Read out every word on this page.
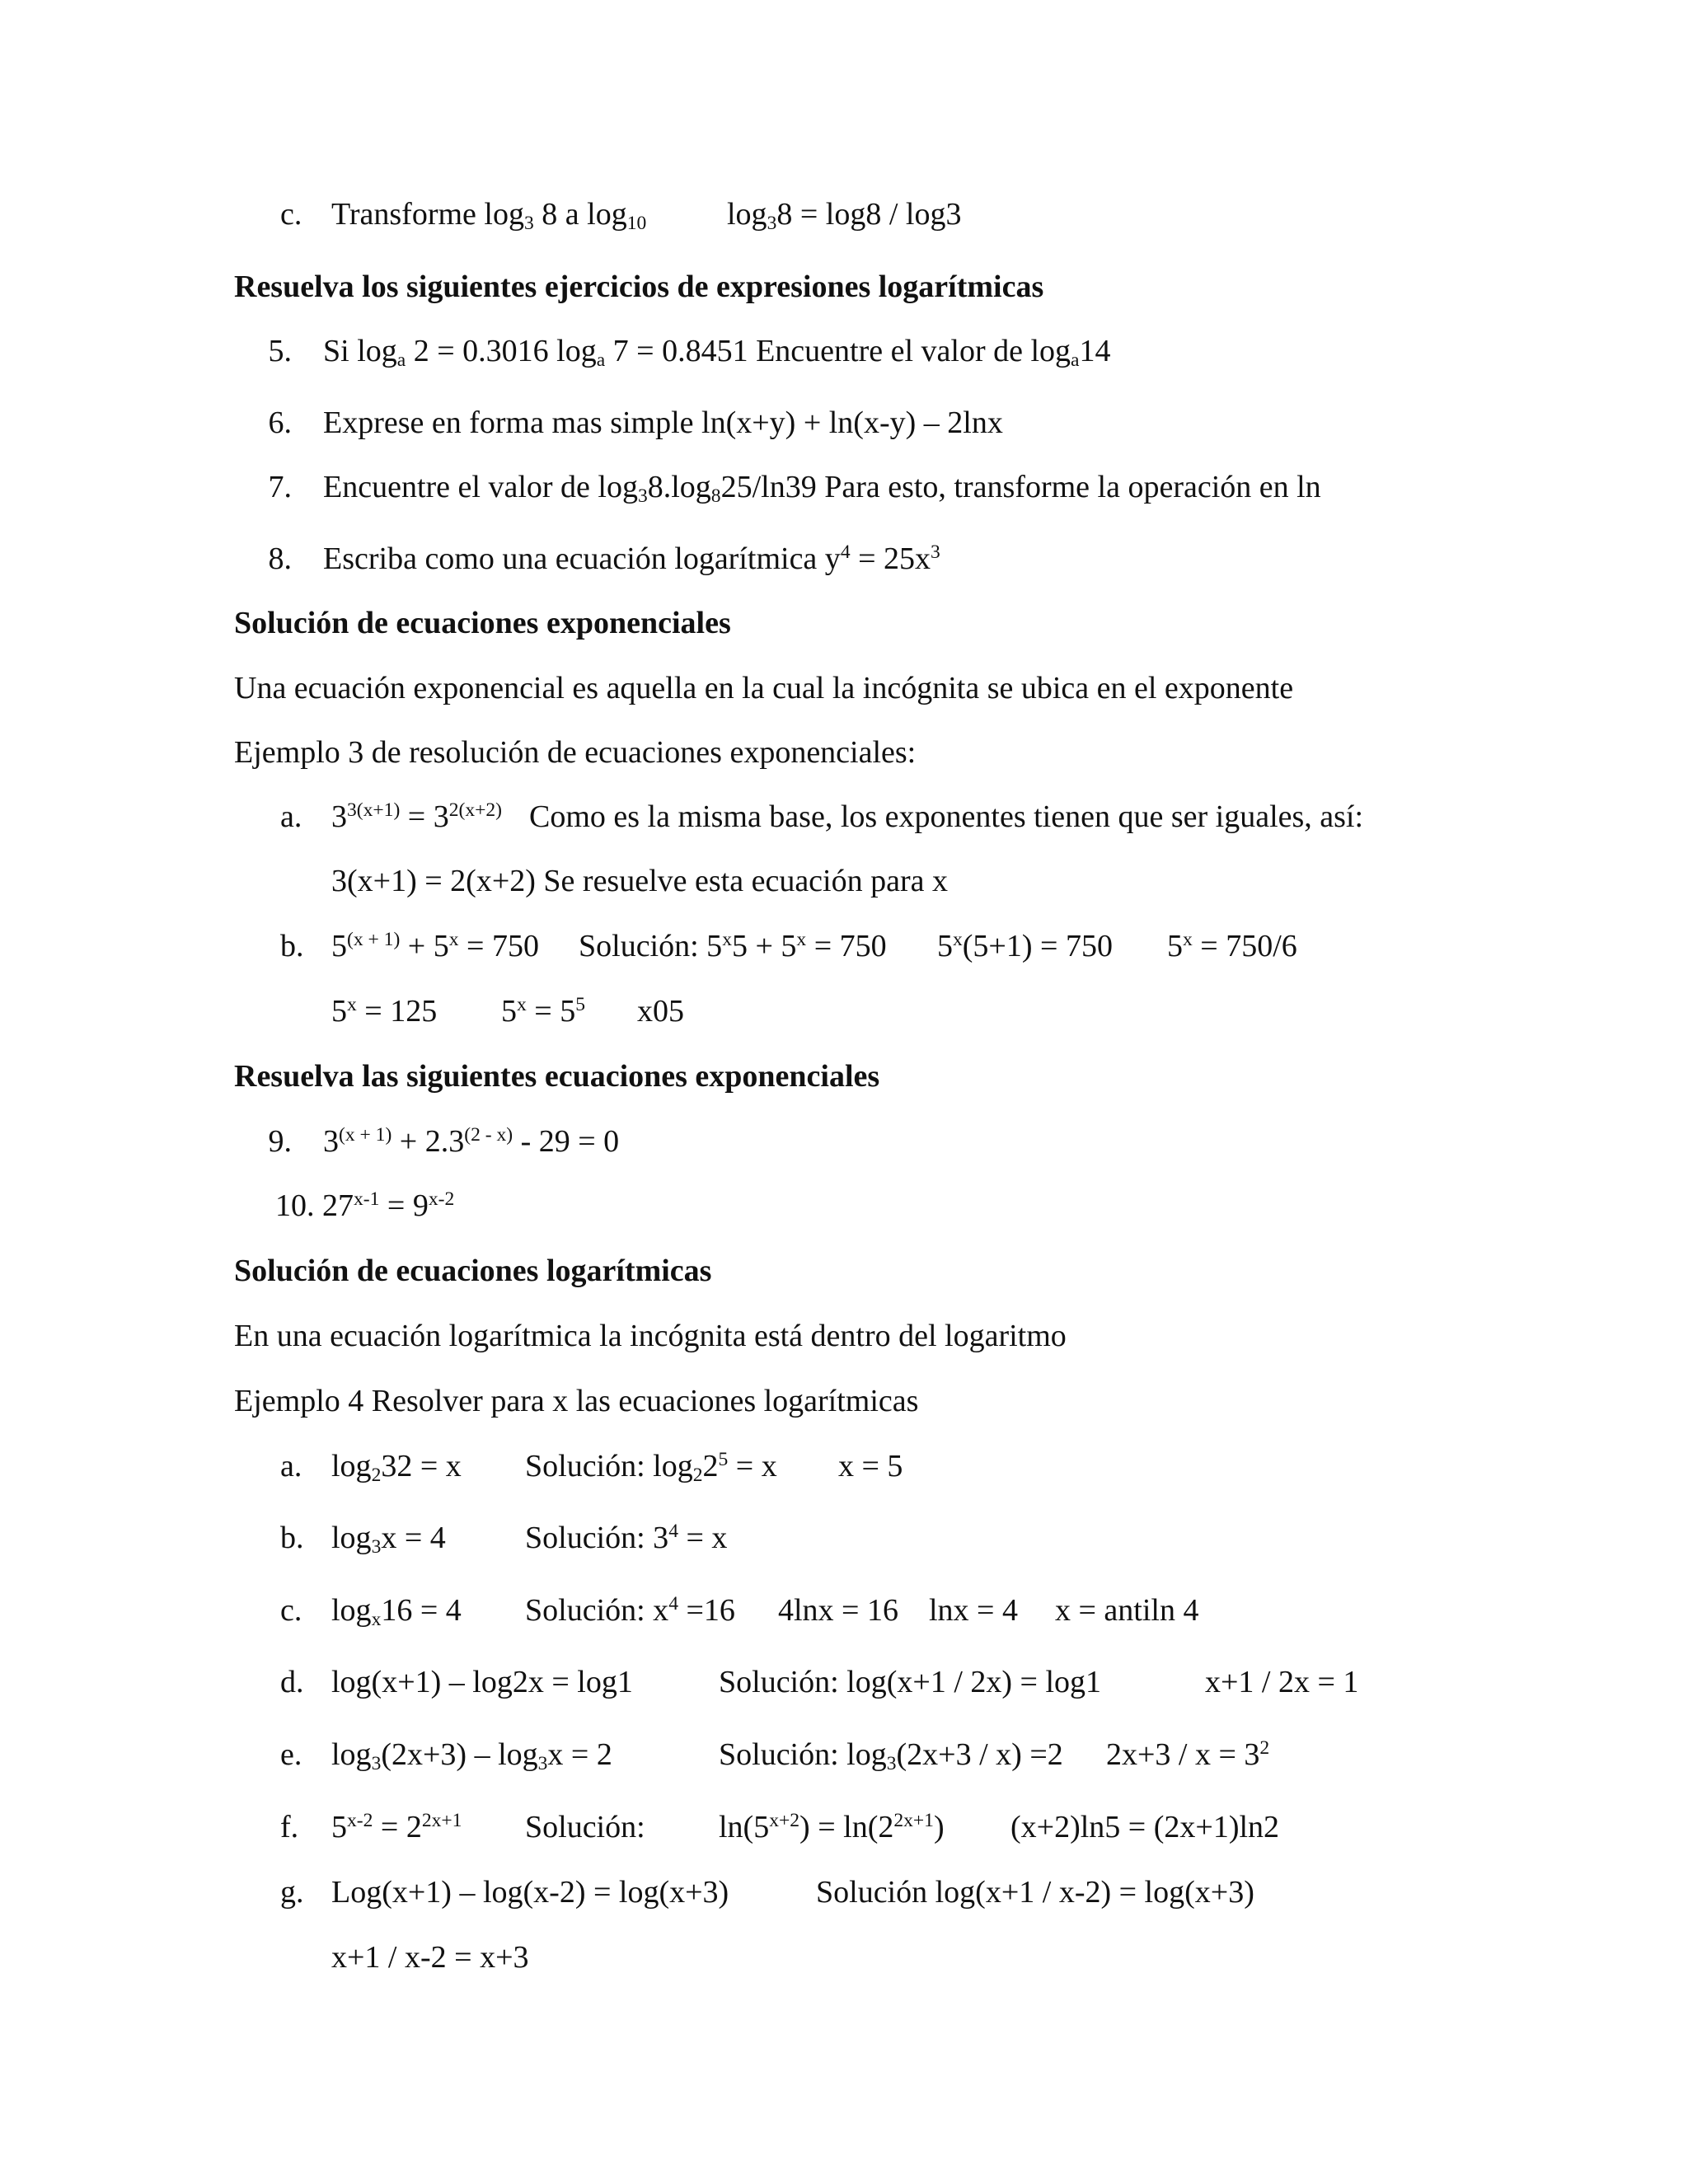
c. Transforme $\log_3 8$ a $\log_{10}$	$\log_38 = \log 8 / \log 3$
Resuelva los siguientes ejercicios de expresiones logarítmicas
5. Si $\log_a 2 = 0.3016$ $\log_a 7 = 0.8451$ Encuentre el valor de $\log_a14$
6. Exprese en forma mas simple ln(x+y) + ln(x-y) – 2lnx
7. Encuentre el valor de $\log_38.\log_825/\ln 39$ Para esto, transforme la operación en ln
8. Escriba como una ecuación logarítmica $y^4 = 25x^3$
Solución de ecuaciones exponenciales
Una ecuación exponencial es aquella en la cual la incógnita se ubica en el exponente
Ejemplo 3 de resolución de ecuaciones exponenciales:
a. $3^{3(x+1)} = 3^{2(x+2)}$ Como es la misma base, los exponentes tienen que ser iguales, así:
3(x+1) = 2(x+2) Se resuelve esta ecuación para x
b. $5^{(x + 1)} + 5^x = 750$ Solución: $5^x5 + 5^x = 750$ $5^x(5+1) = 750$ $5^x = 750/6$
$5^x = 125$ $5^x = 5^5$ x05
Resuelva las siguientes ecuaciones exponenciales
9. $3^{(x + 1)} + 2.3^{(2 - x)} - 29 = 0$
10. $27^{x-1} = 9^{x-2}$
Solución de ecuaciones logarítmicas
En una ecuación logarítmica la incógnita está dentro del logaritmo
Ejemplo 4 Resolver para x las ecuaciones logarítmicas
a. $\log_232 = x$ Solución: $\log_22^5 = x$ x = 5
b. $\log_3x = 4$	Solución: $3^4 = x$
c. $\log_x16 = 4$ Solución: $x^4 =16$ 4lnx = 16 lnx = 4 x = antiln 4
d. log(x+1) – log2x = log1	Solución: log(x+1 / 2x) = log1	x+1 / 2x = 1
e. $\log_3(2x+3) - \log_3x = 2$	Solución: $\log_3(2x+3 / x) =2$ $2x+3 / x = 3^2$
f. $5^{x-2} = 2^{2x+1}$ Solución: $\ln(5^{x+2}) = \ln(2^{2x+1}) (x+2)\ln 5 = (2x+1)\ln 2$
g. Log(x+1) – log(x-2) = log(x+3)	Solución log(x+1 / x-2) = log(x+3)
x+1 / x-2 = x+3
